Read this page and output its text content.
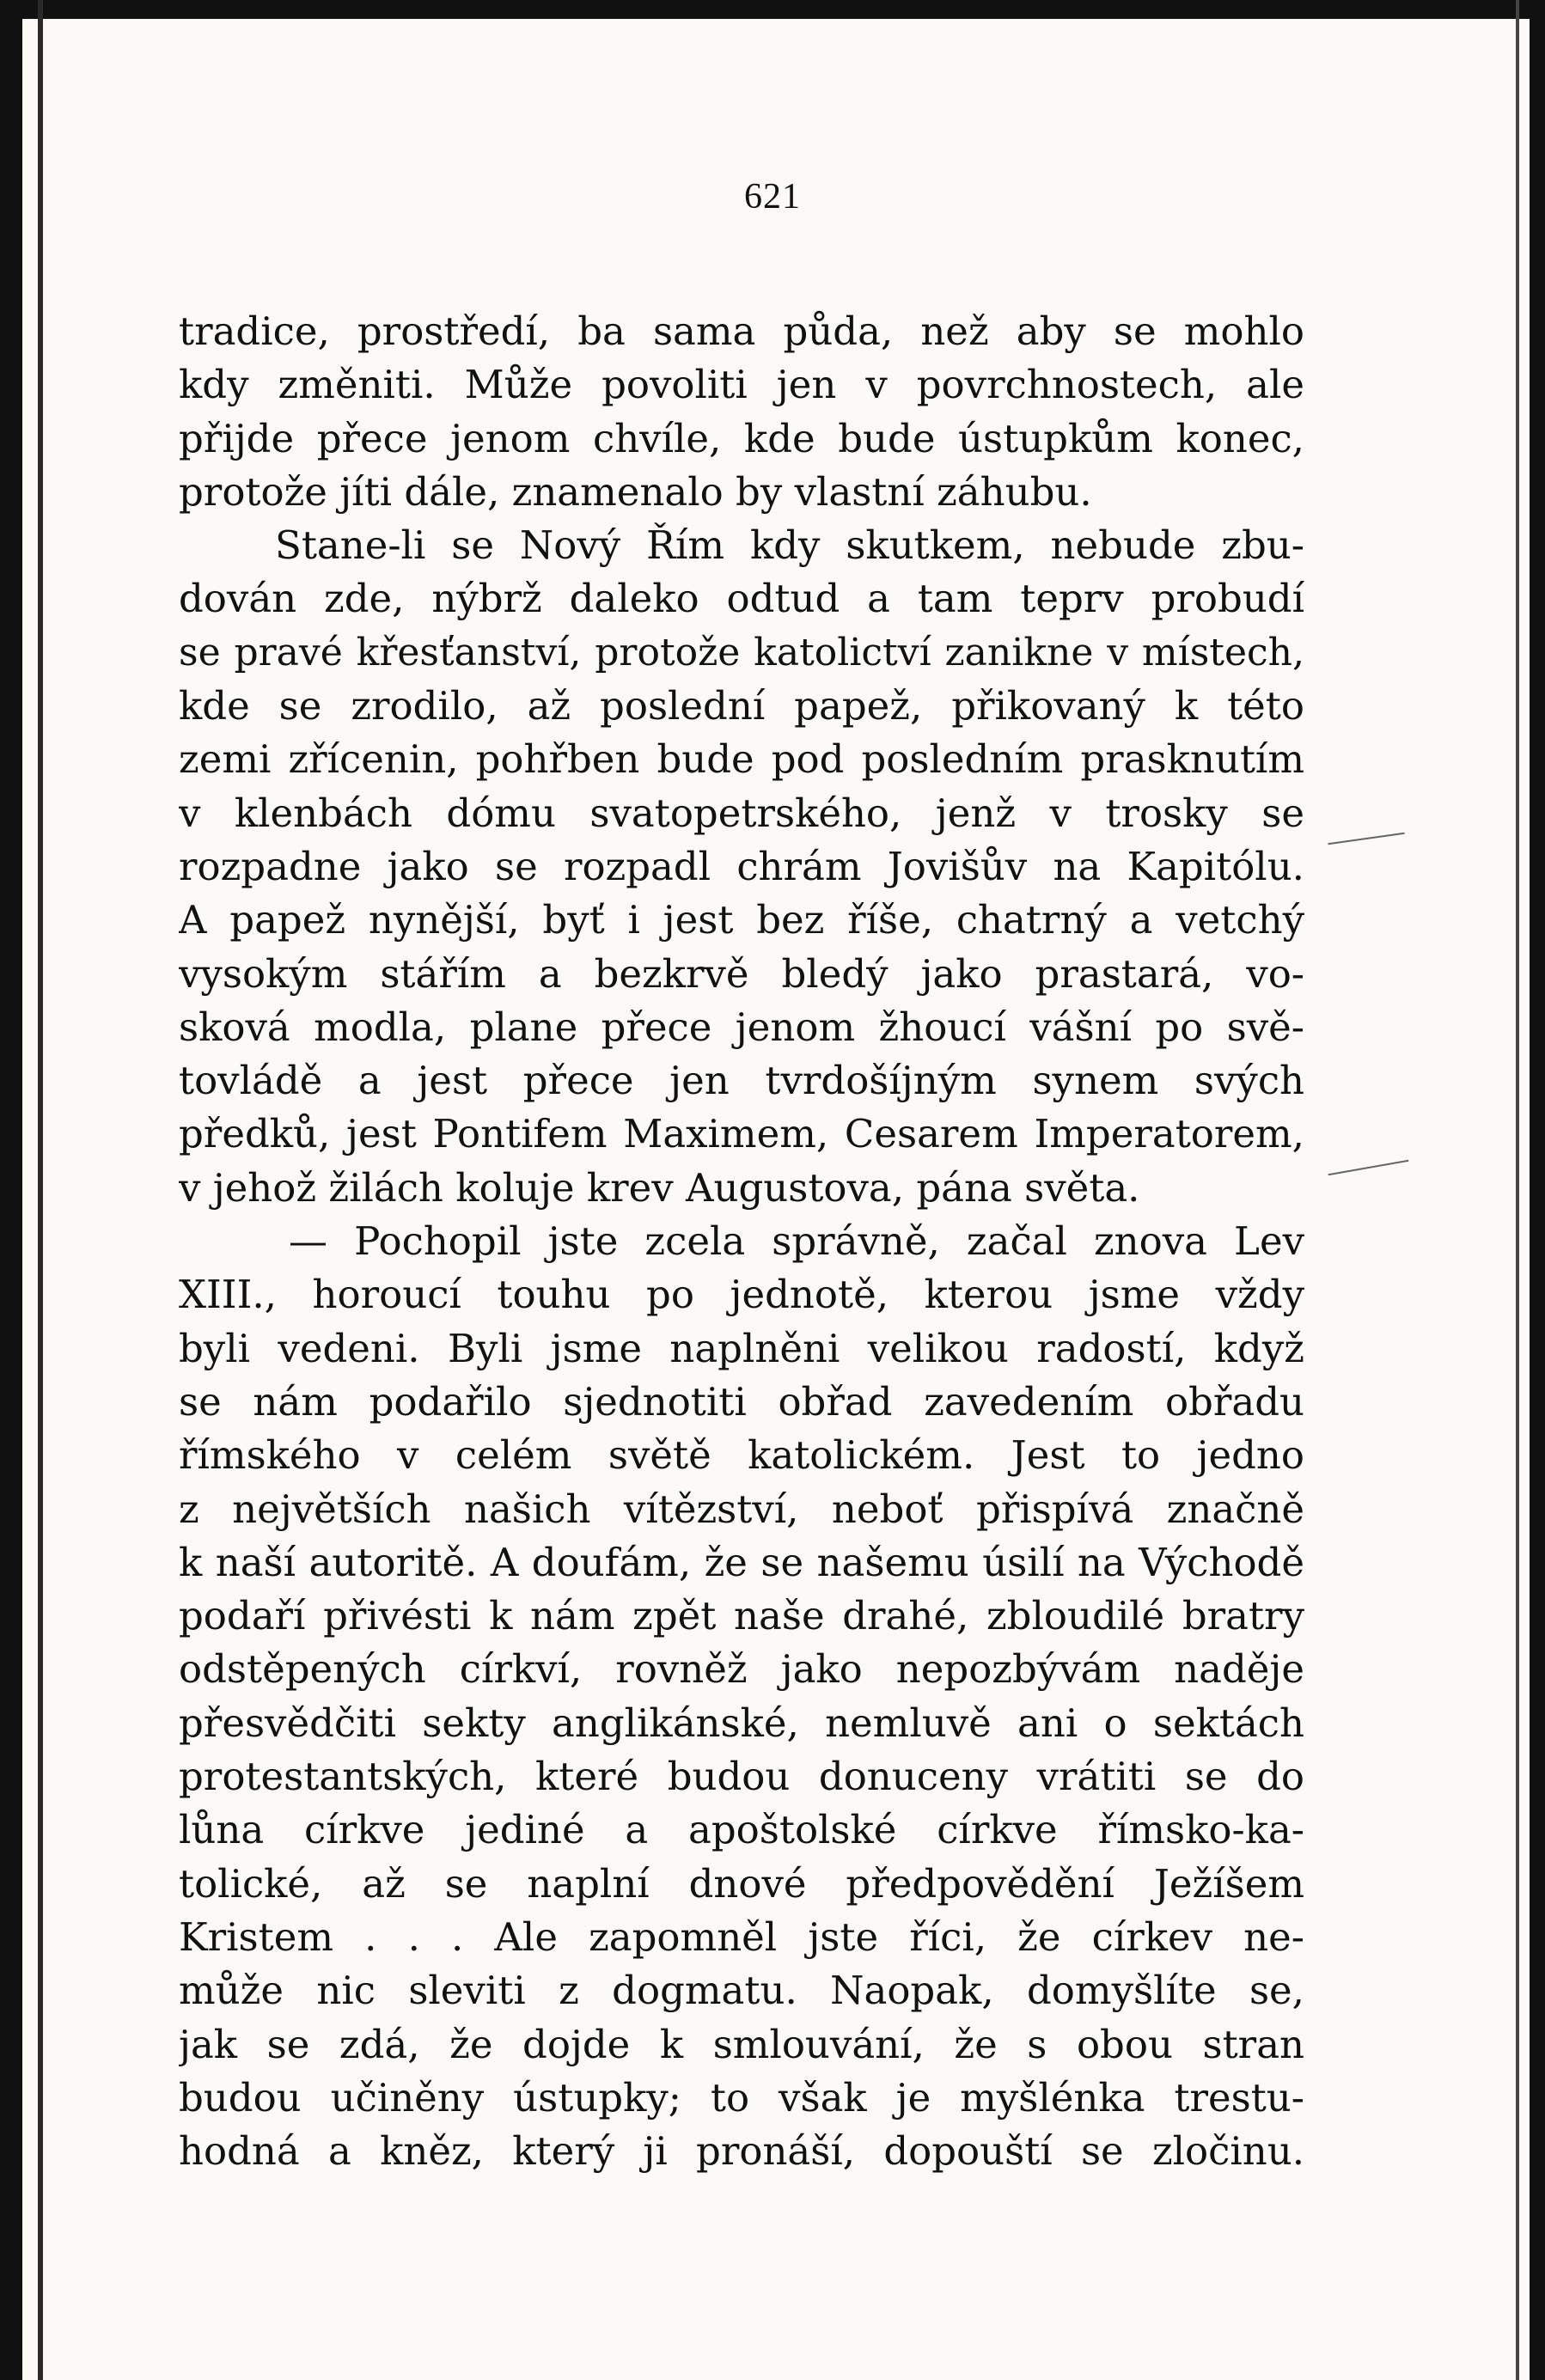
621
tradice, prostředí, ba sama půda, než aby se mohlo
kdy změniti. Může povoliti jen v povrchnostech, ale
přijde přece jenom chvíle, kde bude ústupkům konec,
protože jíti dále, znamenalo by vlastní záhubu.
Stane-li se Nový Řím kdy skutkem, nebude zbu-
dován zde, nýbrž daleko odtud a tam teprv probudí
se pravé křesťanství, protože katolictví zanikne v místech,
kde se zrodilo, až poslední papež, přikovaný k této
zemi zřícenin, pohřben bude pod posledním prasknutím
v klenbách dómu svatopetrského, jenž v trosky se
rozpadne jako se rozpadl chrám Jovišův na Kapitólu.
A papež nynější, byť i jest bez říše, chatrný a vetchý
vysokým stářím a bezkrvě bledý jako prastará, vo-
sková modla, plane přece jenom žhoucí vášní po svě-
tovládě a jest přece jen tvrdošíjným synem svých
předků, jest Pontifem Maximem, Cesarem Imperatorem,
v jehož žilách koluje krev Augustova, pána světa.
— Pochopil jste zcela správně, začal znova Lev
XIII., horoucí touhu po jednotě, kterou jsme vždy
byli vedeni. Byli jsme naplněni velikou radostí, když
se nám podařilo sjednotiti obřad zavedením obřadu
římského v celém světě katolickém. Jest to jedno
z největších našich vítězství, neboť přispívá značně
k naší autoritě. A doufám, že se našemu úsilí na Východě
podaří přivésti k nám zpět naše drahé, zbloudilé bratry
odstěpených církví, rovněž jako nepozbývám naděje
přesvědčiti sekty anglikánské, nemluvě ani o sektách
protestantských, které budou donuceny vrátiti se do
lůna církve jediné a apoštolské církve římsko-ka-
tolické, až se naplní dnové předpovědění Ježíšem
Kristem . . . Ale zapomněl jste říci, že církev ne-
může nic sleviti z dogmatu. Naopak, domyšlíte se,
jak se zdá, že dojde k smlouvání, že s obou stran
budou učiněny ústupky; to však je myšlénka trestu-
hodná a kněz, který ji pronáší, dopouští se zločinu.
